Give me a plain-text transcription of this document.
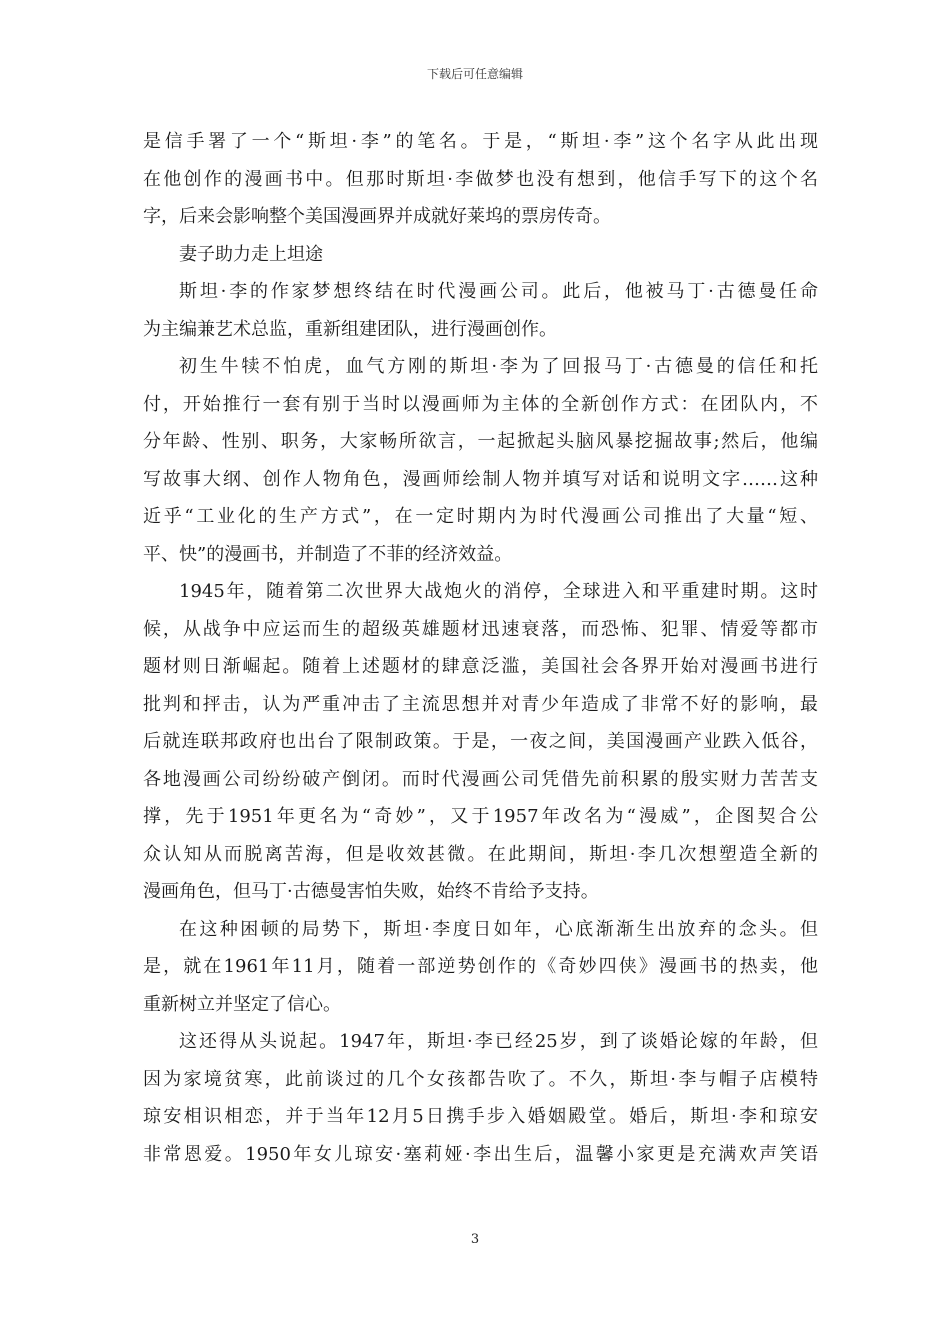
下载后可任意编辑
是信手署了一个“斯坦·李”的笔名。于是，“斯坦·李”这个名字从此出现
在他创作的漫画书中。但那时斯坦·李做梦也没有想到，他信手写下的这个名
字，后来会影响整个美国漫画界并成就好莱坞的票房传奇。
妻子助力走上坦途
斯坦·李的作家梦想终结在时代漫画公司。此后，他被马丁·古德曼任命
为主编兼艺术总监，重新组建团队，进行漫画创作。
初生牛犊不怕虎，血气方刚的斯坦·李为了回报马丁·古德曼的信任和托
付，开始推行一套有别于当时以漫画师为主体的全新创作方式：在团队内，不
分年龄、性别、职务，大家畅所欲言，一起掀起头脑风暴挖掘故事;然后，他编
写故事大纲、创作人物角色，漫画师绘制人物并填写对话和说明文字……这种
近乎“工业化的生产方式”，在一定时期内为时代漫画公司推出了大量“短、
平、快”的漫画书，并制造了不菲的经济效益。
1945年，随着第二次世界大战炮火的消停，全球进入和平重建时期。这时
候，从战争中应运而生的超级英雄题材迅速衰落，而恐怖、犯罪、情爱等都市
题材则日渐崛起。随着上述题材的肆意泛滥，美国社会各界开始对漫画书进行
批判和抨击，认为严重冲击了主流思想并对青少年造成了非常不好的影响，最
后就连联邦政府也出台了限制政策。于是，一夜之间，美国漫画产业跌入低谷，
各地漫画公司纷纷破产倒闭。而时代漫画公司凭借先前积累的殷实财力苦苦支
撑，先于1951年更名为“奇妙”，又于1957年改名为“漫威”，企图契合公
众认知从而脱离苦海，但是收效甚微。在此期间，斯坦·李几次想塑造全新的
漫画角色，但马丁·古德曼害怕失败，始终不肯给予支持。
在这种困顿的局势下，斯坦·李度日如年，心底渐渐生出放弃的念头。但
是，就在1961年11月，随着一部逆势创作的《奇妙四侠》漫画书的热卖，他
重新树立并坚定了信心。
这还得从头说起。1947年，斯坦·李已经25岁，到了谈婚论嫁的年龄，但
因为家境贫寒，此前谈过的几个女孩都告吹了。不久，斯坦·李与帽子店模特
琼安相识相恋，并于当年12月5日携手步入婚姻殿堂。婚后，斯坦·李和琼安
非常恩爱。1950年女儿琼安·塞莉娅·李出生后，温馨小家更是充满欢声笑语
3
